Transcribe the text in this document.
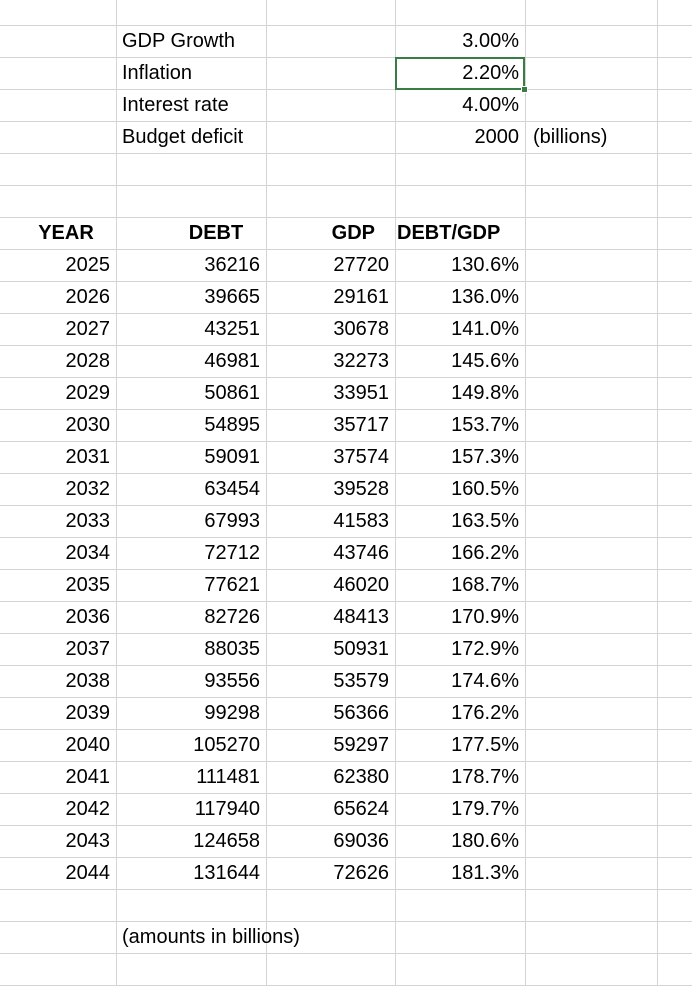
GDP Growth	3.00%
Inflation	2.20%
Interest rate	4.00%
Budget deficit	2000 (billions)
YEAR	DEBT	GDP	DEBT/GDP
2025	36216	27720	130.6%
2026	39665	29161	136.0%
2027	43251	30678	141.0%
2028	46981	32273	145.6%
2029	50861	33951	149.8%
2030	54895	35717	153.7%
2031	59091	37574	157.3%
2032	63454	39528	160.5%
2033	67993	41583	163.5%
2034	72712	43746	166.2%
2035	77621	46020	168.7%
2036	82726	48413	170.9%
2037	88035	50931	172.9%
2038	93556	53579	174.6%
2039	99298	56366	176.2%
2040	105270	59297	177.5%
2041	111481	62380	178.7%
2042	117940	65624	179.7%
2043	124658	69036	180.6%
2044	131644	72626	181.3%
(amounts in billions)
